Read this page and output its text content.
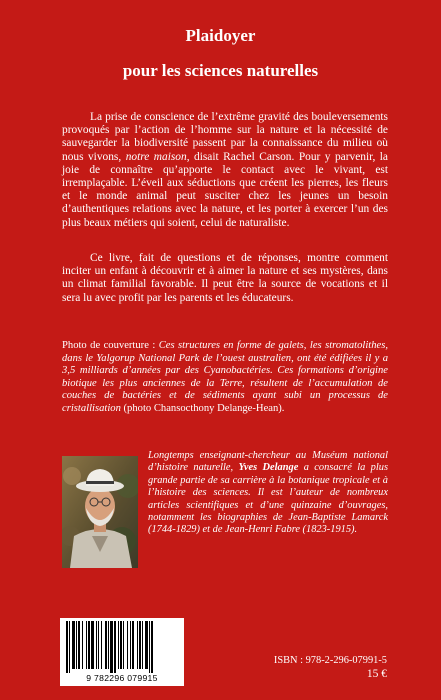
Plaidoyer
pour les sciences naturelles

La prise de conscience de l’extrême gravité des bouleversements provoqués par l’action de l’homme sur la nature et la nécessité de sauvegarder la biodiversité passent par la connaissance du milieu où nous vivons, notre maison, disait Rachel Carson. Pour y parvenir, la joie de connaître qu’apporte le contact avec le vivant, est irremplaçable. L’éveil aux séductions que créent les pierres, les fleurs et le monde animal peut susciter chez les jeunes un besoin d’authentiques relations avec la nature, et les porter à exercer l’un des plus beaux métiers qui soient, celui de naturaliste.

Ce livre, fait de questions et de réponses, montre comment inciter un enfant à découvrir et à aimer la nature et ses mystères, dans un climat familial favorable. Il peut être la source de vocations et il sera lu avec profit par les parents et les éducateurs.

Photo de couverture : Ces structures en forme de galets, les stromatolithes, dans le Yalgorup National Park de l’ouest australien, ont été édifiées il y a 3,5 milliards d’années par des Cyanobactéries. Ces formations d’origine biotique les plus anciennes de la Terre, résultent de l’accumulation de couches de bactéries et de sédiments ayant subi un processus de cristallisation (photo Chansocthony Delange-Hean).
Longtemps enseignant-chercheur au Muséum national d’histoire naturelle, Yves Delange a consacré la plus grande partie de sa carrière à la botanique tropicale et à l’histoire des sciences. Il est l’auteur de nombreux articles scientifiques et d’une quinzaine d’ouvrages, notamment les biographies de Jean-Baptiste Lamarck (1744-1829) et de Jean-Henri Fabre (1823-1915).
9 782296 079915
ISBN : 978-2-296-07991-5
15 €
